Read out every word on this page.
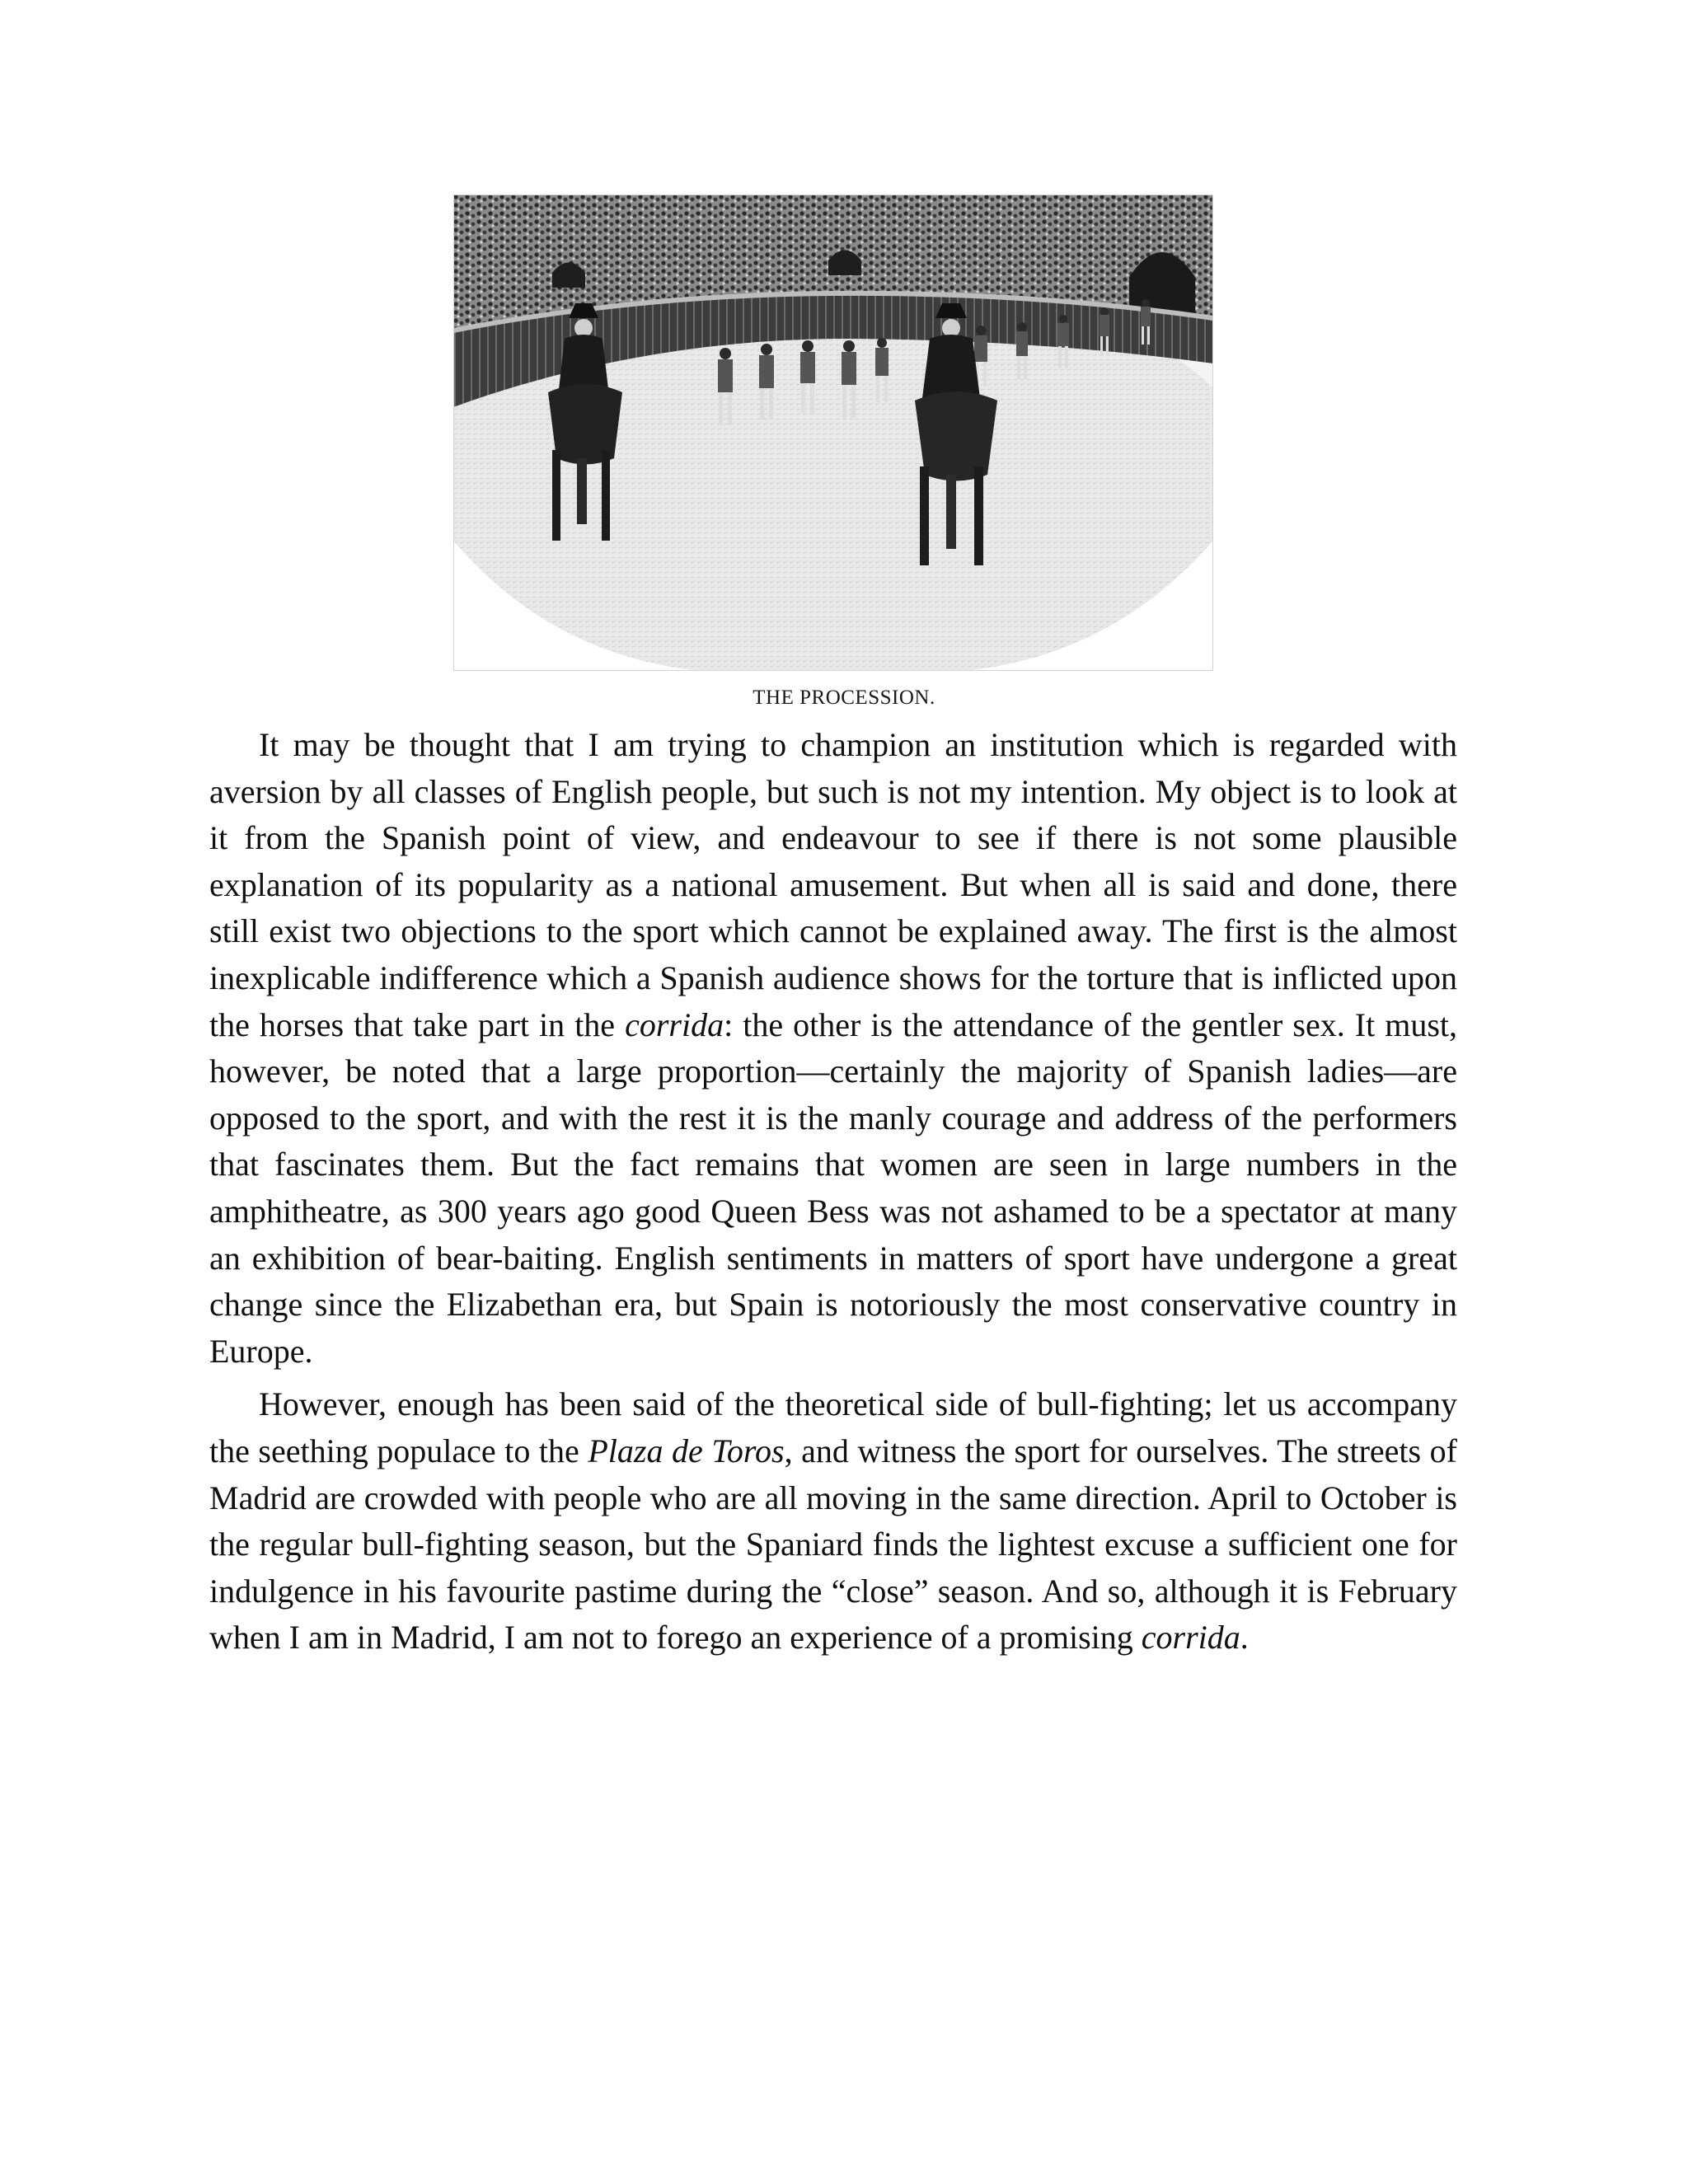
THE PROCESSION.

It may be thought that I am trying to champion an institution which is regarded with aversion by all classes of English people, but such is not my intention. My object is to look at it from the Spanish point of view, and endeavour to see if there is not some plausible explanation of its popularity as a national amusement. But when all is said and done, there still exist two objections to the sport which cannot be explained away. The first is the almost inexplicable indifference which a Spanish audience shows for the torture that is inflicted upon the horses that take part in the corrida: the other is the attendance of the gentler sex. It must, however, be noted that a large proportion—certainly the majority of Spanish ladies—are opposed to the sport, and with the rest it is the manly courage and address of the performers that fascinates them. But the fact remains that women are seen in large numbers in the amphitheatre, as 300 years ago good Queen Bess was not ashamed to be a spectator at many an exhibition of bear-baiting. English sentiments in matters of sport have undergone a great change since the Elizabethan era, but Spain is notoriously the most conservative country in Europe.

However, enough has been said of the theoretical side of bull-fighting; let us accompany the seething populace to the Plaza de Toros, and witness the sport for ourselves. The streets of Madrid are crowded with people who are all moving in the same direction. April to October is the regular bull-fighting season, but the Spaniard finds the lightest excuse a sufficient one for indulgence in his favourite pastime during the “close” season. And so, although it is February when I am in Madrid, I am not to forego an experience of a promising corrida.
